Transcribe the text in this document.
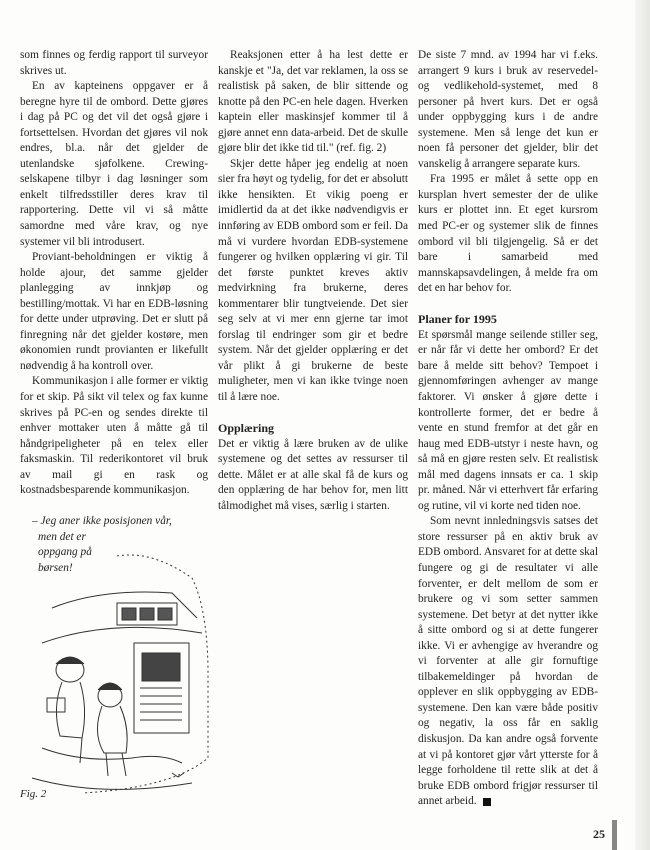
som finnes og ferdig rapport til surveyor skrives ut.

En av kapteinens oppgaver er å beregne hyre til de ombord. Dette gjøres i dag på PC og det vil det også gjøre i fortsettelsen. Hvordan det gjøres vil nok endres, bl.a. når det gjelder de utenlandske sjøfolkene. Crewing-selskapene tilbyr i dag løsninger som enkelt tilfredsstiller deres krav til rapportering. Dette vil vi så måtte samordne med våre krav, og nye systemer vil bli introdusert.

Proviant-beholdningen er viktig å holde ajour, det samme gjelder planlegging av innkjøp og bestilling/mottak. Vi har en EDB-løsning for dette under utprøving. Det er slutt på finregning når det gjelder kostøre, men økonomien rundt provianten er likefullt nødvendig å ha kontroll over.

Kommunikasjon i alle former er viktig for et skip. På sikt vil telex og fax kunne skrives på PC-en og sendes direkte til enhver mottaker uten å måtte gå til håndgripeligheter på en telex eller faksmaskin. Til rederikontoret vil bruk av mail gi en rask og kostnadsbesparende kommunikasjon.

– Jeg aner ikke posisjonen vår,
men det er
oppgang på
børsen!

Fig. 2

Reaksjonen etter å ha lest dette er kanskje et "Ja, det var reklamen, la oss se realistisk på saken, de blir sittende og knotte på den PC-en hele dagen. Hverken kaptein eller maskinsjef kommer til å gjøre annet enn data-arbeid. Det de skulle gjøre blir det ikke tid til." (ref. fig. 2)

Skjer dette håper jeg endelig at noen sier fra høyt og tydelig, for det er absolutt ikke hensikten. Et vikig poeng er imidlertid da at det ikke nødvendigvis er innføring av EDB ombord som er feil. Da må vi vurdere hvordan EDB-systemene fungerer og hvilken opplæring vi gir. Til det første punktet kreves aktiv medvirkning fra brukerne, deres kommentarer blir tungtveiende. Det sier seg selv at vi mer enn gjerne tar imot forslag til endringer som gir et bedre system. Når det gjelder opplæring er det vår plikt å gi brukerne de beste muligheter, men vi kan ikke tvinge noen til å lære noe.

Opplæring

Det er viktig å lære bruken av de ulike systemene og det settes av ressurser til dette. Målet er at alle skal få de kurs og den opplæring de har behov for, men litt tålmodighet må vises, særlig i starten.

De siste 7 mnd. av 1994 har vi f.eks. arrangert 9 kurs i bruk av reservedel- og vedlikehold-systemet, med 8 personer på hvert kurs. Det er også under oppbygging kurs i de andre systemene. Men så lenge det kun er noen få personer det gjelder, blir det vanskelig å arrangere separate kurs.

Fra 1995 er målet å sette opp en kursplan hvert semester der de ulike kurs er plottet inn. Et eget kursrom med PC-er og systemer slik de finnes ombord vil bli tilgjengelig. Så er det bare i samarbeid med mannskapsavdelingen, å melde fra om det en har behov for.

Planer for 1995

Et spørsmål mange seilende stiller seg, er når får vi dette her ombord? Er det bare å melde sitt behov? Tempoet i gjennomføringen avhenger av mange faktorer. Vi ønsker å gjøre dette i kontrollerte former, det er bedre å vente en stund fremfor at det går en haug med EDB-utstyr i neste havn, og så må en gjøre resten selv. Et realistisk mål med dagens innsats er ca. 1 skip pr. måned. Når vi etterhvert får erfaring og rutine, vil vi korte ned tiden noe.

Som nevnt innledningsvis satses det store ressurser på en aktiv bruk av EDB ombord. Ansvaret for at dette skal fungere og gi de resultater vi alle forventer, er delt mellom de som er brukere og vi som setter sammen systemene. Det betyr at det nytter ikke å sitte ombord og si at dette fungerer ikke. Vi er avhengige av hverandre og vi forventer at alle gir fornuftige tilbakemeldinger på hvordan de opplever en slik oppbygging av EDB-systemene. Den kan være både positiv og negativ, la oss får en saklig diskusjon. Da kan andre også forvente at vi på kontoret gjør vårt ytterste for å legge forholdene til rette slik at det å bruke EDB ombord frigjør ressurser til annet arbeid.

25
